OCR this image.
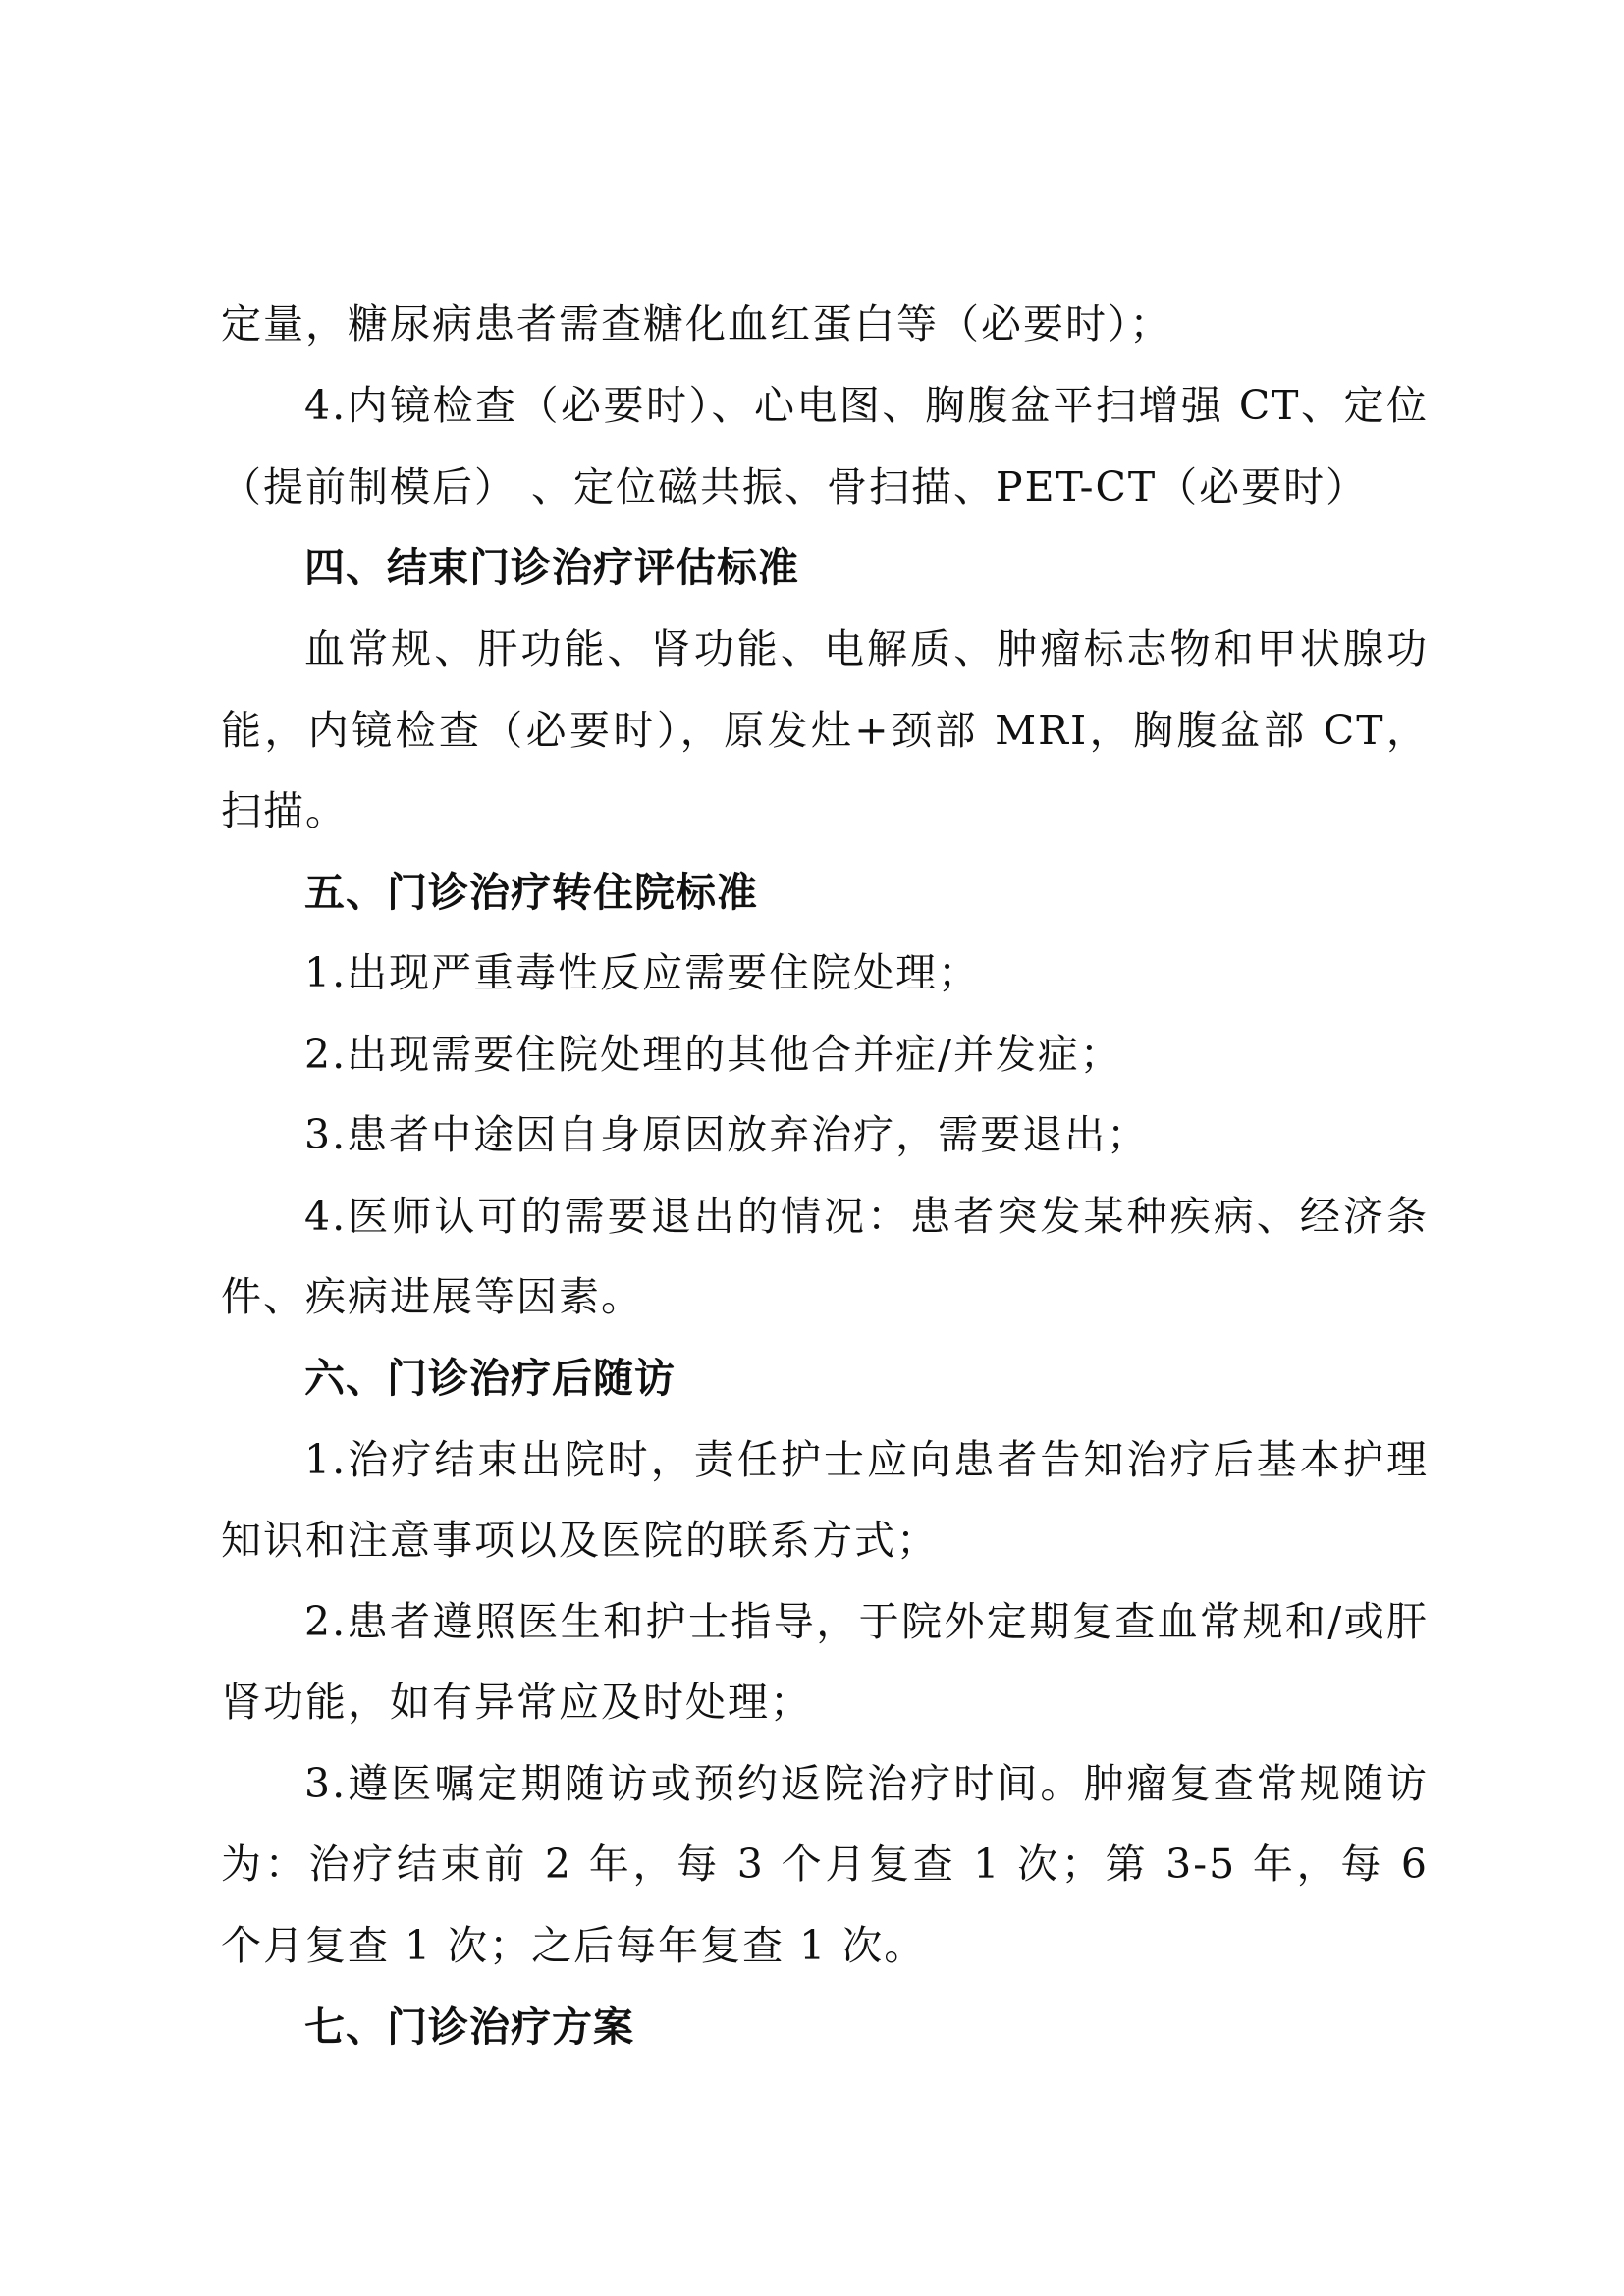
定量，糖尿病患者需查糖化血红蛋白等（必要时）；
4.内镜检查（必要时）、心电图、胸腹盆平扫增强 CT、定位
（提前制模后） 、定位磁共振、骨扫描、PET-CT（必要时）
四、结束门诊治疗评估标准
血常规、肝功能、肾功能、电解质、肿瘤标志物和甲状腺功
能，内镜检查（必要时），原发灶+颈部 MRI，胸腹盆部 CT，
扫描。
五、门诊治疗转住院标准
1.出现严重毒性反应需要住院处理；
2.出现需要住院处理的其他合并症/并发症；
3.患者中途因自身原因放弃治疗，需要退出；
4.医师认可的需要退出的情况：患者突发某种疾病、经济条
件、疾病进展等因素。
六、门诊治疗后随访
1.治疗结束出院时，责任护士应向患者告知治疗后基本护理
知识和注意事项以及医院的联系方式；
2.患者遵照医生和护士指导，于院外定期复查血常规和/或肝
肾功能，如有异常应及时处理；
3.遵医嘱定期随访或预约返院治疗时间。肿瘤复查常规随访
为：治疗结束前 2 年，每 3 个月复查 1 次；第 3-5 年，每 6
个月复查 1 次；之后每年复查 1 次。
七、门诊治疗方案
